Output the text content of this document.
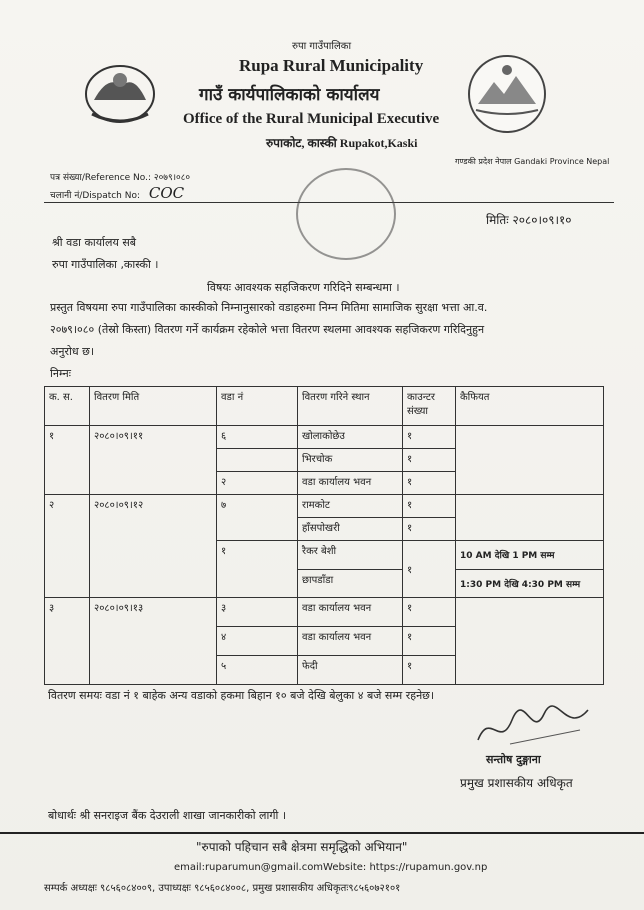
रुपा गाउँपालिका
Rupa Rural Municipality
गाउँ कार्यपालिकाको कार्यालय
Office of the Rural Municipal Executive
रुपाकोट, कास्की Rupakot,Kaski
गण्डकी प्रदेश नेपाल Gandaki Province Nepal
पत्र संख्या/Reference No.: २०७९।०८०
चलानी नं/Dispatch No: COC
मितिः २०८०।०९।१०
श्री वडा कार्यालय सबै
रुपा गाउँपालिका ,कास्की ।
विषयः आवश्यक सहजिकरण गरिदिने सम्बन्धमा ।
प्रस्तुत विषयमा रुपा गाउँपालिका कास्कीको निम्नानुसारको वडाहरुमा निम्न मितिमा सामाजिक सुरक्षा भत्ता आ.व.
२०७९।०८० (तेस्रो किस्ता) वितरण गर्ने कार्यक्रम रहेकोले भत्ता वितरण स्थलमा आवश्यक सहजिकरण गरिदिनुहुन
अनुरोध छ।
निम्नः
क. स.	वितरण मिति	वडा नं	वितरण गरिने स्थान	काउन्टर संख्या	कैफियत
१	२०८०।०९।११	६	खोलाकोछेउ	१	
			भिरचोक	१	
		२	वडा कार्यालय भवन	१	
२	२०८०।०९।१२	७	रामकोट	१	
			हाँसपोखरी	१	
		१	रैकर बेशी	१	10 AM देखि 1 PM सम्म
			छापडाँडा		1:30 PM देखि 4:30 PM सम्म
३	२०८०।०९।१३	३	वडा कार्यालय भवन	१	
		४	वडा कार्यालय भवन	१	
		५	फेदी	१	
वितरण समयः वडा नं १ बाहेक अन्य वडाको हकमा बिहान १० बजे देखि बेलुका ४ बजे सम्म रहनेछ।
सन्तोष दुङ्गाना
प्रमुख प्रशासकीय अधिकृत
बोधार्थः श्री सनराइज बैंक देउराली शाखा जानकारीको लागी ।
"रुपाको पहिचान सबै क्षेत्रमा समृद्धिको अभियान"
email:ruparumun@gmail.comWebsite: https://rupamun.gov.np
सम्पर्क अध्यक्षः ९८५६०८४००९, उपाध्यक्षः ९८५६०८४००८, प्रमुख प्रशासकीय अधिकृतः९८५६०७२१०१
